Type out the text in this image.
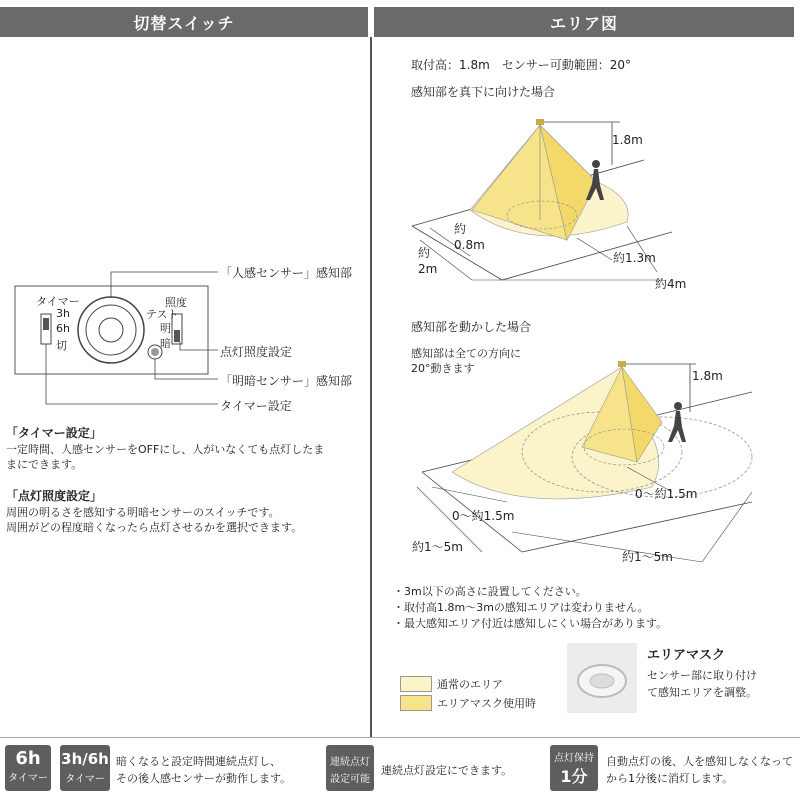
切替スイッチ	エリア図
タイマー
3h
6h
切
照度
テスト
明
暗
「人感センサー」感知部
点灯照度設定
「明暗センサー」感知部
タイマー設定
「タイマー設定」
一定時間、人感センサーをOFFにし、人がいなくても点灯したま
まにできます。
「点灯照度設定」
周囲の明るさを感知する明暗センサーのスイッチです。
周囲がどの程度暗くなったら点灯させるかを選択できます。
取付高：1.8m　センサー可動範囲：20°
感知部を真下に向けた場合
1.8m
約
0.8m
約
2m
約1.3m
約4m
感知部を動かした場合
感知部は全ての方向に
20°動きます
1.8m
0～約1.5m
0～約1.5m
約1～5m
約1～5m
・3m以下の高さに設置してください。
・取付高1.8m～3mの感知エリアは変わりません。
・最大感知エリア付近は感知しにくい場合があります。
通常のエリア
エリアマスク使用時
エリアマスク
センサー部に取り付け
て感知エリアを調整。
6h
タイマー
3h/6h
タイマー
暗くなると設定時間連続点灯し、
その後人感センサーが動作します。
連続点灯
設定可能
連続点灯設定にできます。
点灯保持
1分
自動点灯の後、人を感知しなくなって
から1分後に消灯します。
